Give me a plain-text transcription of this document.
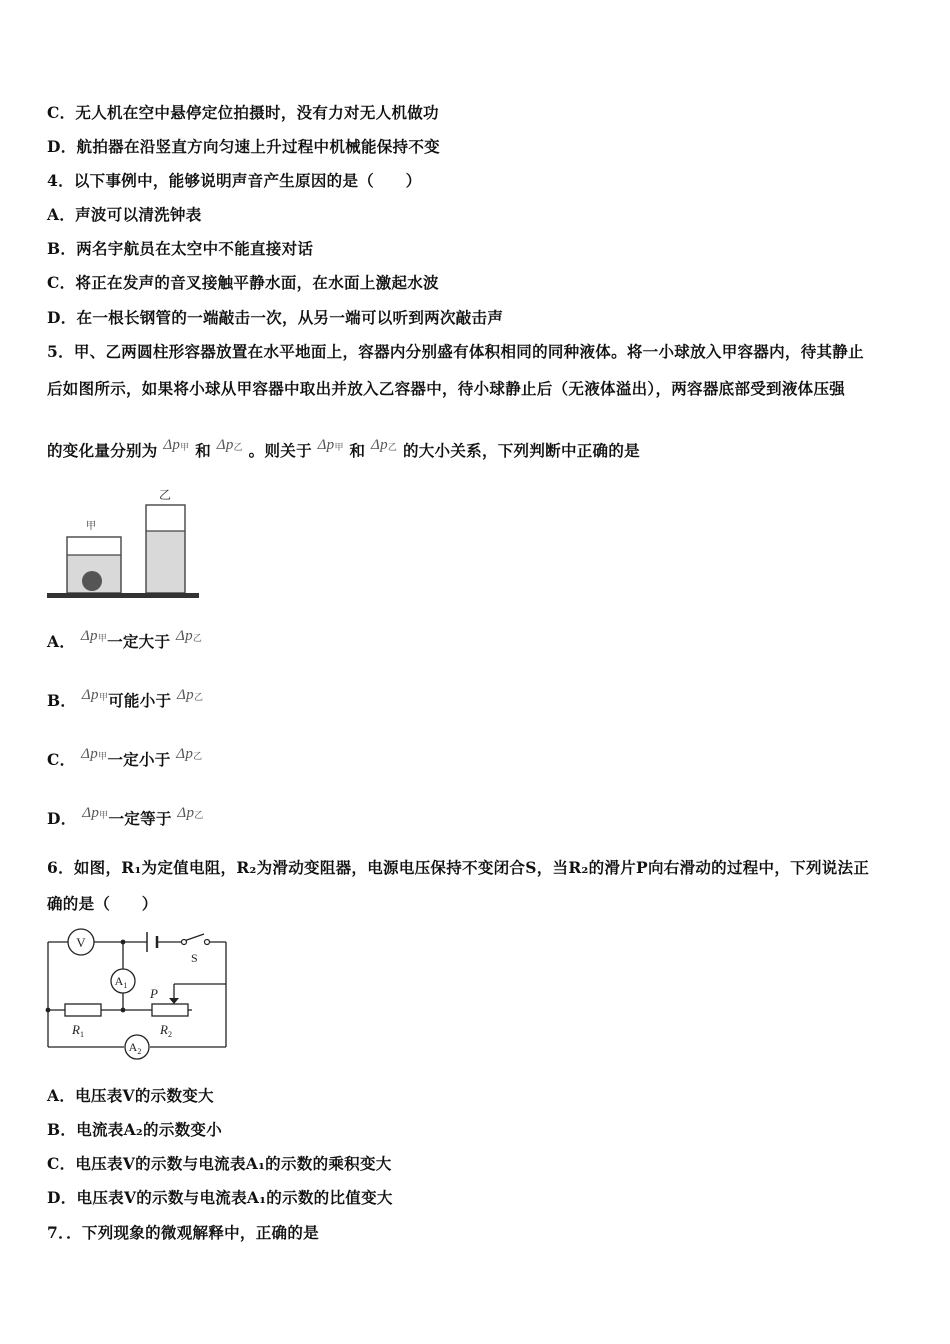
C．无人机在空中悬停定位拍摄时，没有力对无人机做功
D．航拍器在沿竖直方向匀速上升过程中机械能保持不变
4．以下事例中，能够说明声音产生原因的是（　　）
A．声波可以清洗钟表
B．两名宇航员在太空中不能直接对话
C．将正在发声的音叉接触平静水面，在水面上激起水波
D．在一根长钢管的一端敲击一次，从另一端可以听到两次敲击声
5．甲、乙两圆柱形容器放置在水平地面上，容器内分别盛有体积相同的同种液体。将一小球放入甲容器内，待其静止
后如图所示，如果将小球从甲容器中取出并放入乙容器中，待小球静止后（无液体溢出），两容器底部受到液体压强
的变化量分别为 $\Delta p_甲$ 和 $\Delta p_乙$ 。则关于 $\Delta p_甲$ 和 $\Delta p_乙$ 的大小关系，下列判断中正确的是
甲
乙
A． $\Delta p_甲$一定大于 $\Delta p_乙$
B． $\Delta p_甲$可能小于 $\Delta p_乙$
C． $\Delta p_甲$一定小于 $\Delta p_乙$
D． $\Delta p_甲$一定等于 $\Delta p_乙$
6．如图，R₁为定值电阻，R₂为滑动变阻器，电源电压保持不变闭合S，当R₂的滑片P向右滑动的过程中，下列说法正
确的是（　　）
S
V
$A_1$
$R_1$	$R_2$
P
$A_2$
A．电压表V的示数变大
B．电流表A₂的示数变小
C．电压表V的示数与电流表A₁的示数的乘积变大
D．电压表V的示数与电流表A₁的示数的比值变大
7．．下列现象的微观解释中，正确的是
